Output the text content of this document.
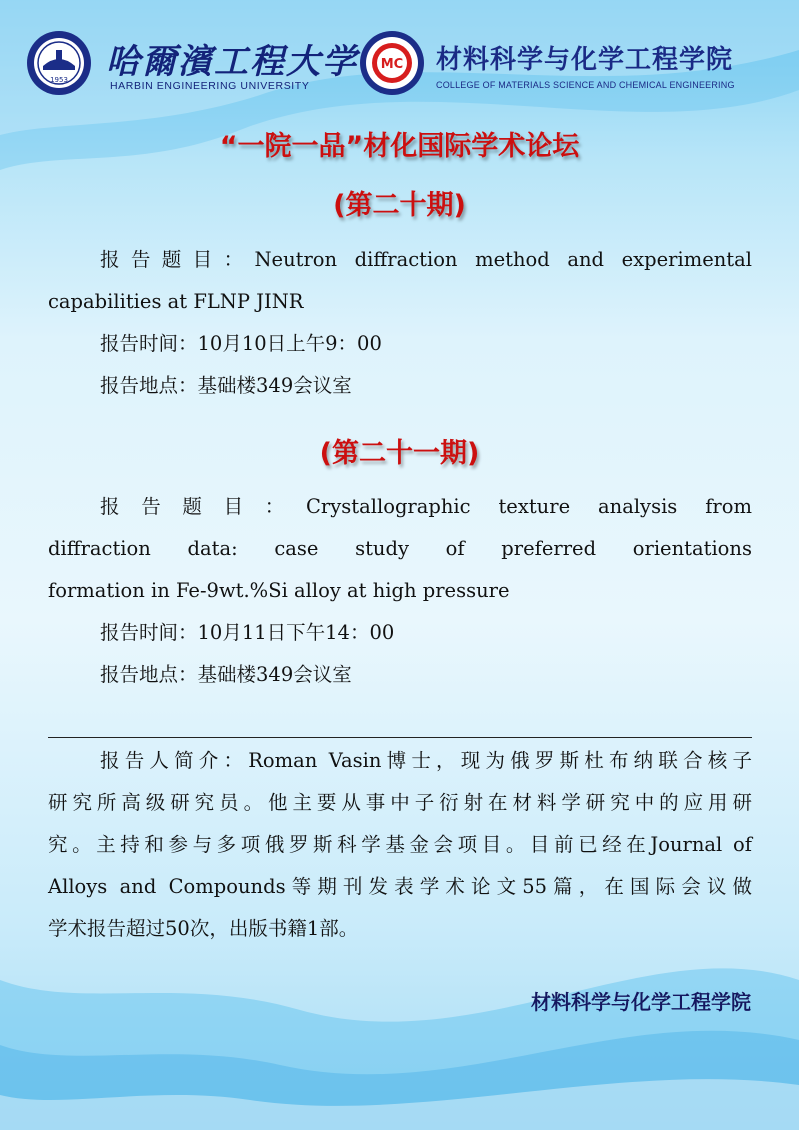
1953 哈爾濱工程大学
HARBIN ENGINEERING UNIVERSITY
MC 材料科学与化学工程学院
COLLEGE OF MATERIALS SCIENCE AND CHEMICAL ENGINEERING
“一院一品”材化国际学术论坛
(第二十期)
报告题目：Neutron diffraction method and experimental
capabilities at FLNP JINR
报告时间：10月10日上午9：00
报告地点：基础楼349会议室
(第二十一期)
报告题目：Crystallographic texture analysis from
diffraction data: case study of preferred orientations
formation in Fe-9wt.%Si alloy at high pressure
报告时间：10月11日下午14：00
报告地点：基础楼349会议室
报告人简介：Roman Vasin博士，现为俄罗斯杜布纳联合核子
研究所高级研究员。他主要从事中子衍射在材料学研究中的应用研
究。主持和参与多项俄罗斯科学基金会项目。目前已经在Journal of
Alloys and Compounds等期刊发表学术论文55篇，在国际会议做
学术报告超过50次，出版书籍1部。
材料科学与化学工程学院
